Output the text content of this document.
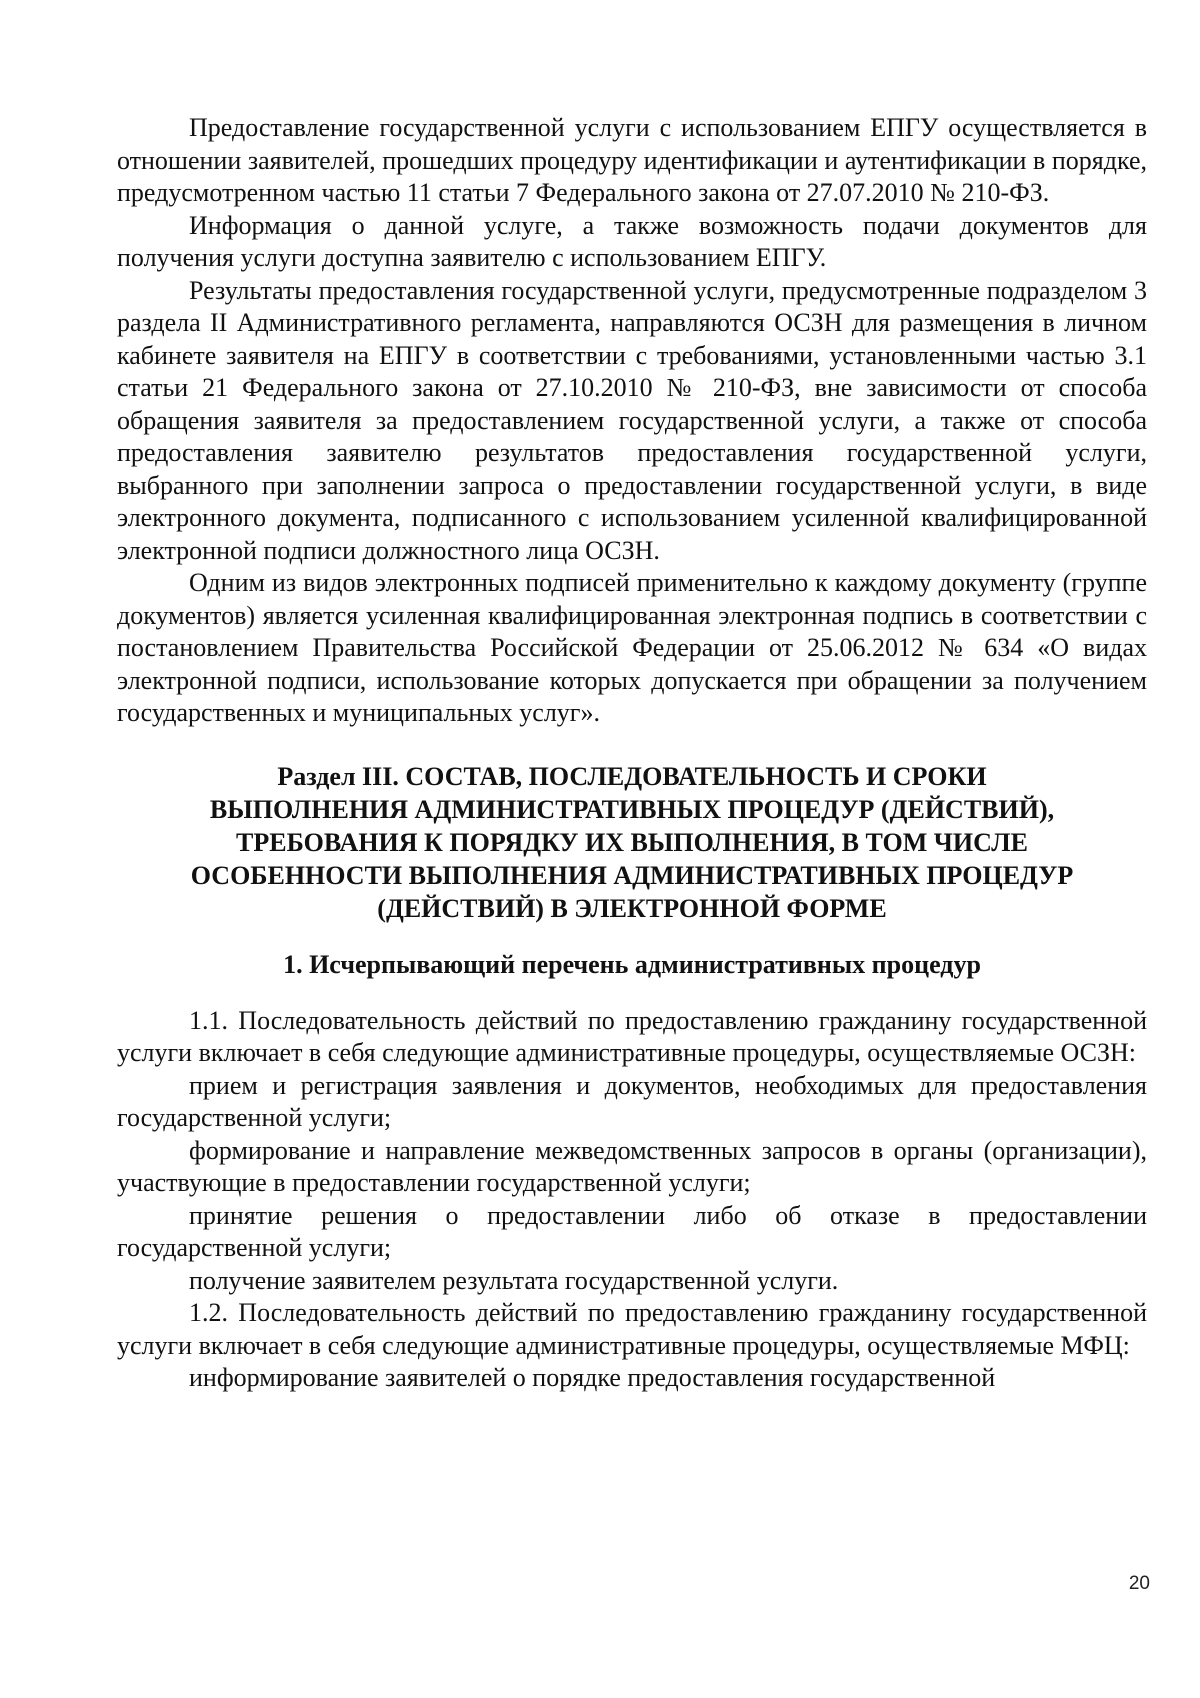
Предоставление государственной услуги с использованием ЕПГУ осуществляется в отношении заявителей, прошедших процедуру идентификации и аутентификации в порядке, предусмотренном частью 11 статьи 7 Федерального закона от 27.07.2010 № 210-ФЗ.

Информация о данной услуге, а также возможность подачи документов для получения услуги доступна заявителю с использованием ЕПГУ.

Результаты предоставления государственной услуги, предусмотренные подразделом 3 раздела II Административного регламента, направляются ОСЗН для размещения в личном кабинете заявителя на ЕПГУ в соответствии с требованиями, установленными частью 3.1 статьи 21 Федерального закона от 27.10.2010 № 210-ФЗ, вне зависимости от способа обращения заявителя за предоставлением государственной услуги, а также от способа предоставления заявителю результатов предоставления государственной услуги, выбранного при заполнении запроса о предоставлении государственной услуги, в виде электронного документа, подписанного с использованием усиленной квалифицированной электронной подписи должностного лица ОСЗН.

Одним из видов электронных подписей применительно к каждому документу (группе документов) является усиленная квалифицированная электронная подпись в соответствии с постановлением Правительства Российской Федерации от 25.06.2012 № 634 «О видах электронной подписи, использование которых допускается при обращении за получением государственных и муниципальных услуг».

Раздел III. СОСТАВ, ПОСЛЕДОВАТЕЛЬНОСТЬ И СРОКИ
ВЫПОЛНЕНИЯ АДМИНИСТРАТИВНЫХ ПРОЦЕДУР (ДЕЙСТВИЙ),
ТРЕБОВАНИЯ К ПОРЯДКУ ИХ ВЫПОЛНЕНИЯ, В ТОМ ЧИСЛЕ
ОСОБЕННОСТИ ВЫПОЛНЕНИЯ АДМИНИСТРАТИВНЫХ ПРОЦЕДУР
(ДЕЙСТВИЙ) В ЭЛЕКТРОННОЙ ФОРМЕ
1. Исчерпывающий перечень административных процедур

1.1. Последовательность действий по предоставлению гражданину государственной услуги включает в себя следующие административные процедуры, осуществляемые ОСЗН:

прием и регистрация заявления и документов, необходимых для предоставления государственной услуги;

формирование и направление межведомственных запросов в органы (организации), участвующие в предоставлении государственной услуги;

принятие решения о предоставлении либо об отказе в предоставлении государственной услуги;

получение заявителем результата государственной услуги.

1.2. Последовательность действий по предоставлению гражданину государственной услуги включает в себя следующие административные процедуры, осуществляемые МФЦ:

информирование заявителей о порядке предоставления государственной

20
